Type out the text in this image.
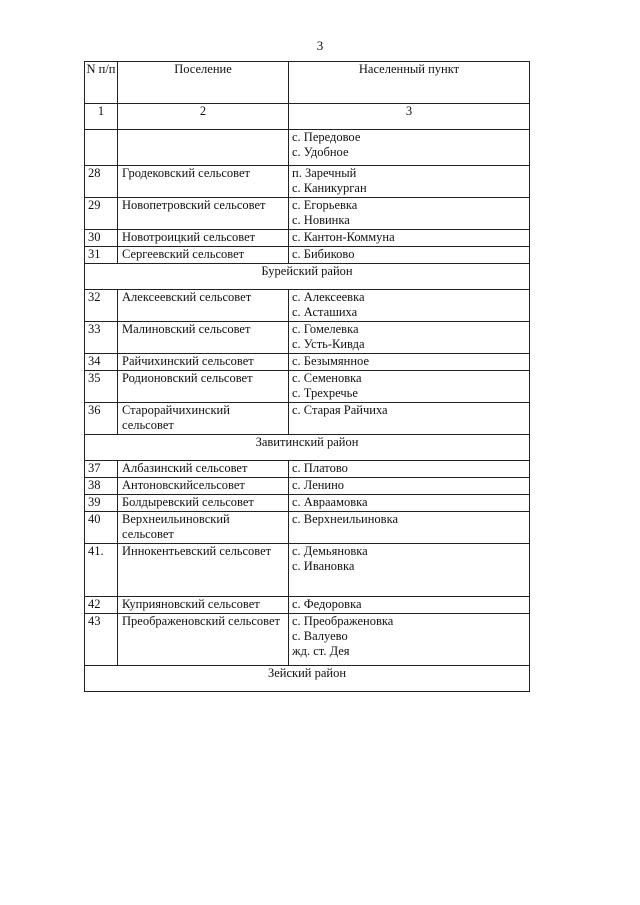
3
N п/п	Поселение	Населенный пункт
1	2	3

		с. Передовое
с. Удобное

28	Гродековский сельсовет	п. Заречный
с. Каникурган

29	Новопетровский сельсовет	с. Егорьевка
с. Новинка

30	Новотроицкий сельсовет	с. Кантон-Коммуна

31	Сергеевский сельсовет	с. Бибиково

Бурейский район		
32	Алексеевский сельсовет	с. Алексеевка
с. Асташиха

33	Малиновский сельсовет	с. Гомелевка
с. Усть-Кивда

34	Райчихинский сельсовет	с. Безымянное

35	Родионовский сельсовет	с. Семеновка
с. Трехречье

36	Старорайчихинский сельсовет	с. Старая Райчиха

Завитинский район		
37	Албазинский сельсовет	с. Платово

38	Антоновскийсельсовет	с. Ленино

39	Болдыревский сельсовет	с. Авраамовка

40	Верхнеильиновский сельсовет	с. Верхнеильиновка

41.	Иннокентьевский сельсовет	с. Демьяновка
с. Ивановка

42	Куприяновский сельсовет	с. Федоровка

43	Преображеновский сельсовет	с. Преображеновка
с. Валуево
жд. ст. Дея

Зейский район		
